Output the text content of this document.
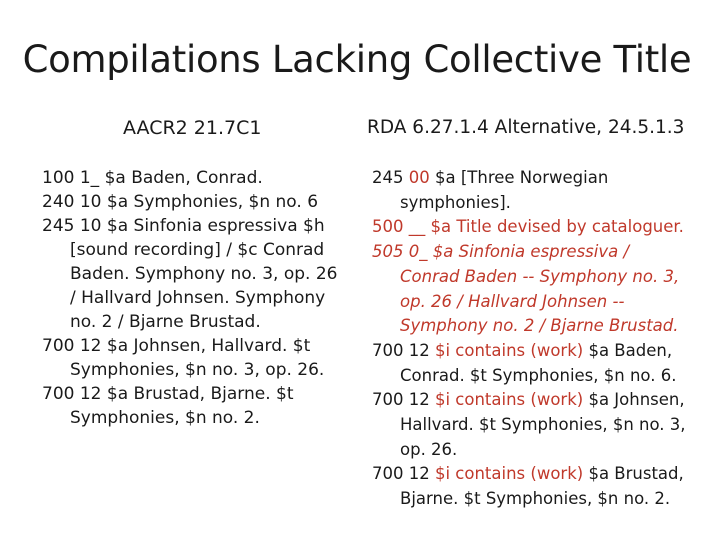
Compilations Lacking Collective Title
AACR2 21.7C1	RDA 6.27.1.4 Alternative, 24.5.1.3
100 1_ $a Baden, Conrad.
240 10 $a Symphonies, $n no. 6
245 10 $a Sinfonia espressiva $h
[sound recording] / $c Conrad
Baden. Symphony no. 3, op. 26
/ Hallvard Johnsen. Symphony
no. 2 / Bjarne Brustad.
700 12 $a Johnsen, Hallvard. $t
Symphonies, $n no. 3, op. 26.
700 12 $a Brustad, Bjarne. $t
Symphonies, $n no. 2.
245 00 $a [Three Norwegian
symphonies].
500 __ $a Title devised by cataloguer.
505 0_ $a Sinfonia espressiva /
Conrad Baden -- Symphony no. 3,
op. 26 / Hallvard Johnsen --
Symphony no. 2 / Bjarne Brustad.
700 12 $i contains (work) $a Baden,
Conrad. $t Symphonies, $n no. 6.
700 12 $i contains (work) $a Johnsen,
Hallvard. $t Symphonies, $n no. 3,
op. 26.
700 12 $i contains (work) $a Brustad,
Bjarne. $t Symphonies, $n no. 2.
